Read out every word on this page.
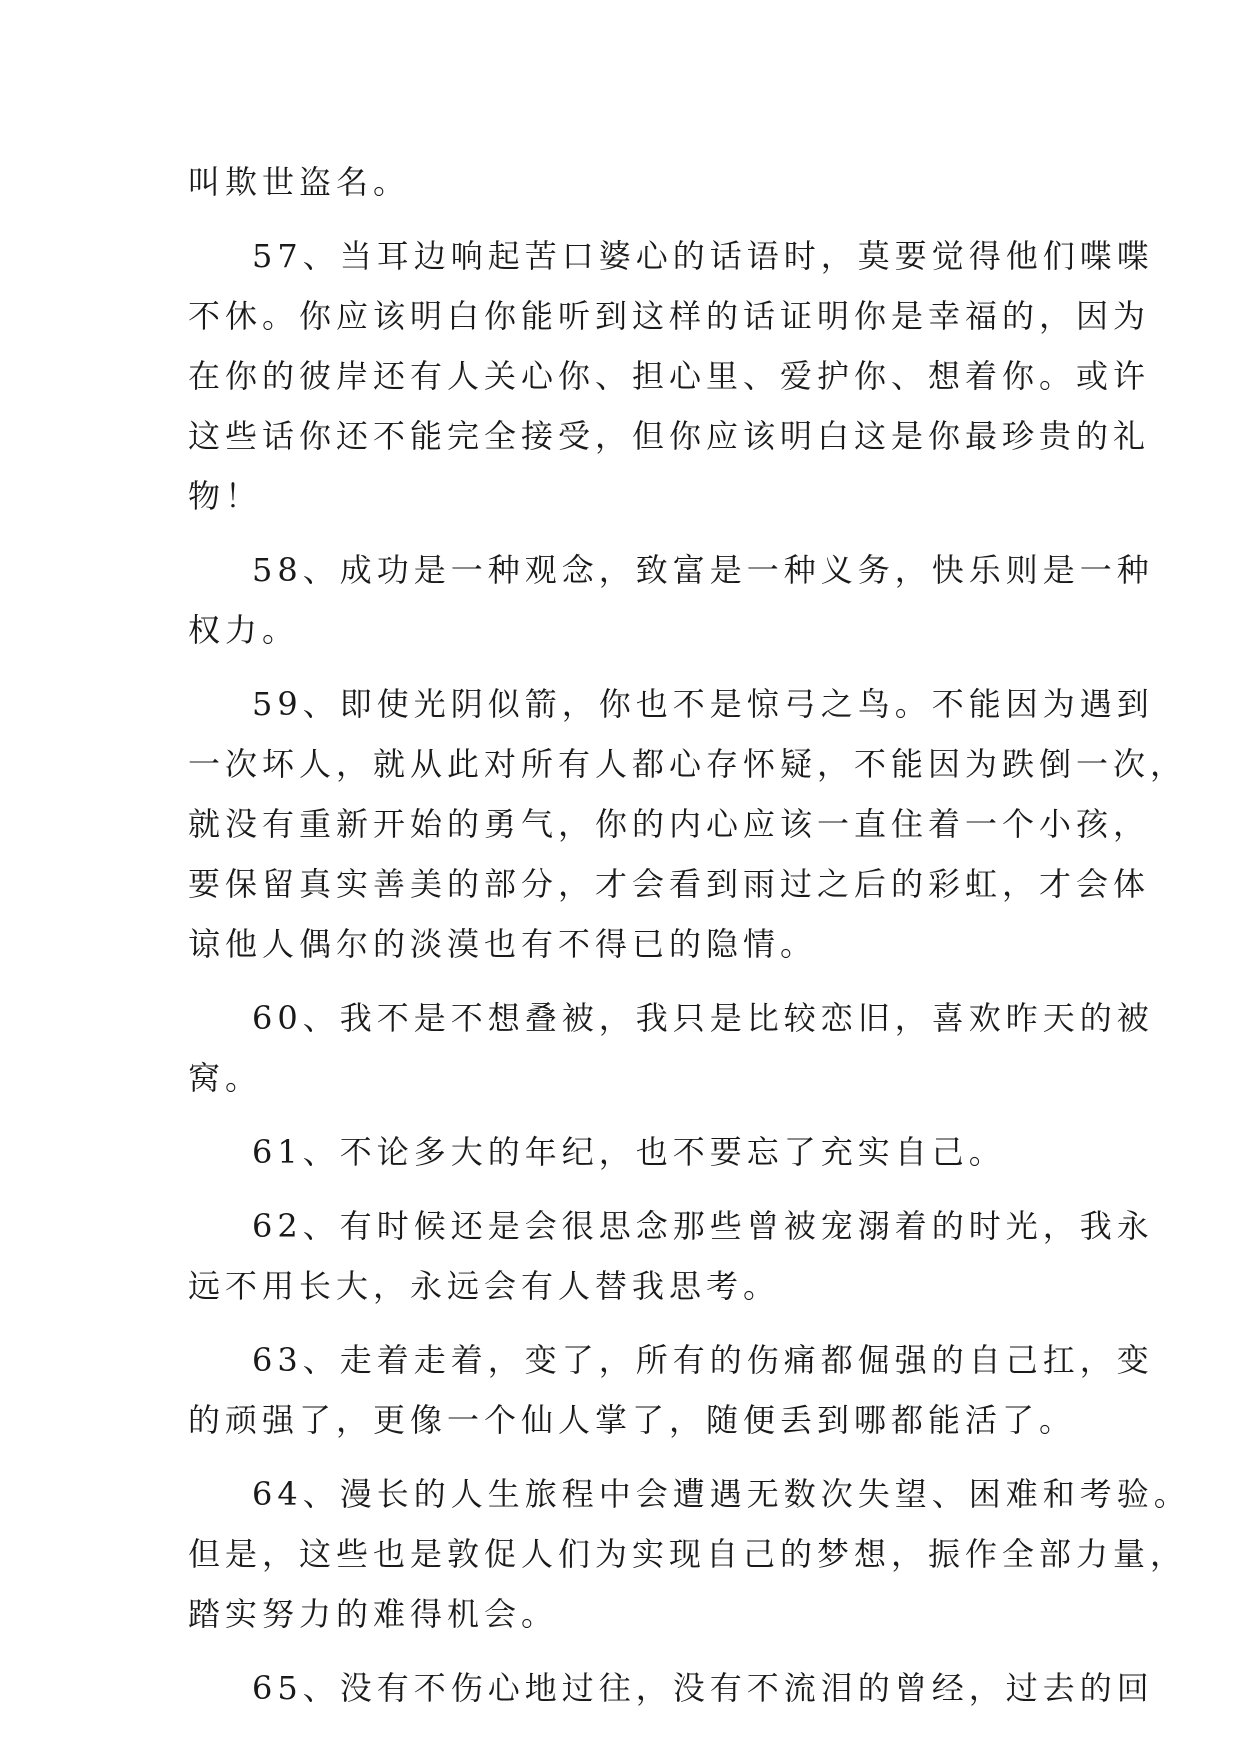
叫欺世盗名。
57、当耳边响起苦口婆心的话语时，莫要觉得他们喋喋
不休。你应该明白你能听到这样的话证明你是幸福的，因为
在你的彼岸还有人关心你、担心里、爱护你、想着你。或许
这些话你还不能完全接受，但你应该明白这是你最珍贵的礼
物！
58、成功是一种观念，致富是一种义务，快乐则是一种
权力。
59、即使光阴似箭，你也不是惊弓之鸟。不能因为遇到
一次坏人，就从此对所有人都心存怀疑，不能因为跌倒一次，
就没有重新开始的勇气，你的内心应该一直住着一个小孩，
要保留真实善美的部分，才会看到雨过之后的彩虹，才会体
谅他人偶尔的淡漠也有不得已的隐情。
60、我不是不想叠被，我只是比较恋旧，喜欢昨天的被
窝。
61、不论多大的年纪，也不要忘了充实自己。
62、有时候还是会很思念那些曾被宠溺着的时光，我永
远不用长大，永远会有人替我思考。
63、走着走着，变了，所有的伤痛都倔强的自己扛，变
的顽强了，更像一个仙人掌了，随便丢到哪都能活了。
64、漫长的人生旅程中会遭遇无数次失望、困难和考验。
但是，这些也是敦促人们为实现自己的梦想，振作全部力量，
踏实努力的难得机会。
65、没有不伤心地过往，没有不流泪的曾经，过去的回
